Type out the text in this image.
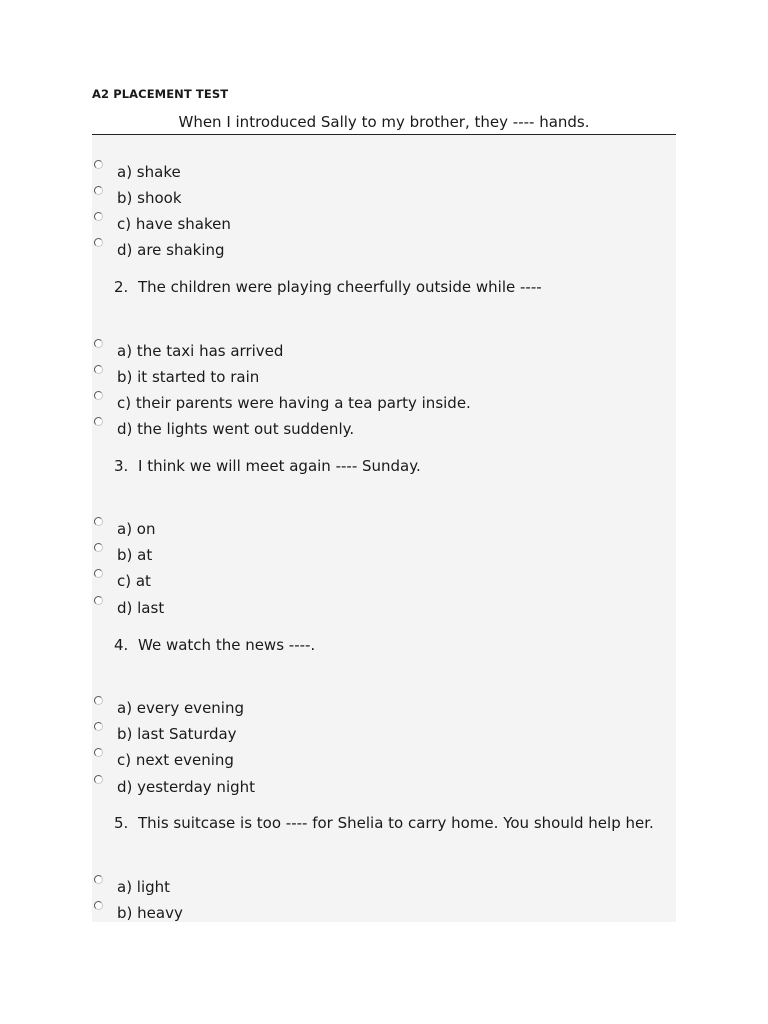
A2 PLACEMENT TEST
When I introduced Sally to my brother, they ---- hands.
a) shake
b) shook
c) have shaken
d) are shaking
2. The children were playing cheerfully outside while ----
a) the taxi has arrived
b) it started to rain
c) their parents were having a tea party inside.
d) the lights went out suddenly.
3. I think we will meet again ---- Sunday.
a) on
b) at
c) at
d) last
4. We watch the news ----.
a) every evening
b) last Saturday
c) next evening
d) yesterday night
5. This suitcase is too ---- for Shelia to carry home. You should help her.
a) light
b) heavy
